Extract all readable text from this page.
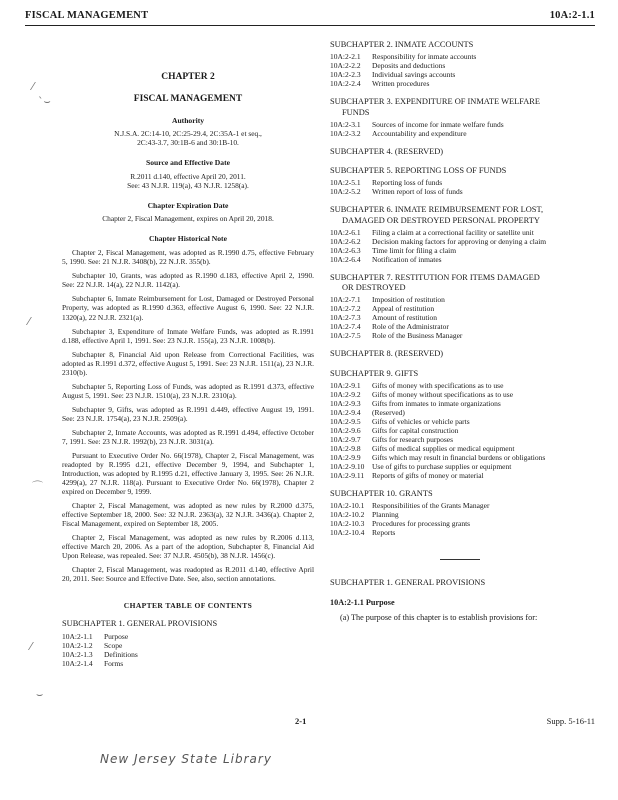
FISCAL MANAGEMENT	10A:2-1.1
CHAPTER 2
FISCAL MANAGEMENT
Authority
N.J.S.A. 2C:14-10, 2C:25-29.4, 2C:35A-1 et seq.,
2C:43-3.7, 30:1B-6 and 30:1B-10.
Source and Effective Date
R.2011 d.140, effective April 20, 2011.
See: 43 N.J.R. 119(a), 43 N.J.R. 1258(a).
Chapter Expiration Date
Chapter 2, Fiscal Management, expires on April 20, 2018.
Chapter Historical Note
Chapter 2, Fiscal Management, was adopted as R.1990 d.75, effective February 5, 1990. See: 21 N.J.R. 3408(b), 22 N.J.R. 355(b).
Subchapter 10, Grants, was adopted as R.1990 d.183, effective April 2, 1990. See: 22 N.J.R. 14(a), 22 N.J.R. 1142(a).
Subchapter 6, Inmate Reimbursement for Lost, Damaged or Destroyed Personal Property, was adopted as R.1990 d.363, effective August 6, 1990. See: 22 N.J.R. 1320(a), 22 N.J.R. 2321(a).
Subchapter 3, Expenditure of Inmate Welfare Funds, was adopted as R.1991 d.188, effective April 1, 1991. See: 23 N.J.R. 155(a), 23 N.J.R. 1008(b).
Subchapter 8, Financial Aid upon Release from Correctional Facilities, was adopted as R.1991 d.372, effective August 5, 1991. See: 23 N.J.R. 1511(a), 23 N.J.R. 2310(b).
Subchapter 5, Reporting Loss of Funds, was adopted as R.1991 d.373, effective August 5, 1991. See: 23 N.J.R. 1510(a), 23 N.J.R. 2310(a).
Subchapter 9, Gifts, was adopted as R.1991 d.449, effective August 19, 1991. See: 23 N.J.R. 1754(a), 23 N.J.R. 2509(a).
Subchapter 2, Inmate Accounts, was adopted as R.1991 d.494, effective October 7, 1991. See: 23 N.J.R. 1992(b), 23 N.J.R. 3031(a).
Pursuant to Executive Order No. 66(1978), Chapter 2, Fiscal Management, was readopted by R.1995 d.21, effective December 9, 1994, and Subchapter 1, Introduction, was adopted by R.1995 d.21, effective January 3, 1995. See: 26 N.J.R. 4299(a), 27 N.J.R. 118(a). Pursuant to Executive Order No. 66(1978), Chapter 2 expired on December 9, 1999.
Chapter 2, Fiscal Management, was adopted as new rules by R.2000 d.375, effective September 18, 2000. See: 32 N.J.R. 2363(a), 32 N.J.R. 3436(a). Chapter 2, Fiscal Management, expired on September 18, 2005.
Chapter 2, Fiscal Management, was adopted as new rules by R.2006 d.113, effective March 20, 2006. As a part of the adoption, Subchapter 8, Financial Aid Upon Release, was repealed. See: 37 N.J.R. 4505(b), 38 N.J.R. 1456(c).
Chapter 2, Fiscal Management, was readopted as R.2011 d.140, effective April 20, 2011. See: Source and Effective Date. See, also, section annotations.
CHAPTER TABLE OF CONTENTS
SUBCHAPTER 1. GENERAL PROVISIONS
10A:2-1.1	Purpose
10A:2-1.2	Scope
10A:2-1.3	Definitions
10A:2-1.4	Forms
SUBCHAPTER 2. INMATE ACCOUNTS
10A:2-2.1	Responsibility for inmate accounts
10A:2-2.2	Deposits and deductions
10A:2-2.3	Individual savings accounts
10A:2-2.4	Written procedures
SUBCHAPTER 3. EXPENDITURE OF INMATE WELFARE
FUNDS
10A:2-3.1	Sources of income for inmate welfare funds
10A:2-3.2	Accountability and expenditure
SUBCHAPTER 4. (RESERVED)
SUBCHAPTER 5. REPORTING LOSS OF FUNDS
10A:2-5.1	Reporting loss of funds
10A:2-5.2	Written report of loss of funds
SUBCHAPTER 6. INMATE REIMBURSEMENT FOR LOST,
DAMAGED OR DESTROYED PERSONAL PROPERTY
10A:2-6.1	Filing a claim at a correctional facility or satellite unit
10A:2-6.2	Decision making factors for approving or denying a claim
10A:2-6.3	Time limit for filing a claim
10A:2-6.4	Notification of inmates
SUBCHAPTER 7. RESTITUTION FOR ITEMS DAMAGED
OR DESTROYED
10A:2-7.1	Imposition of restitution
10A:2-7.2	Appeal of restitution
10A:2-7.3	Amount of restitution
10A:2-7.4	Role of the Administrator
10A:2-7.5	Role of the Business Manager
SUBCHAPTER 8. (RESERVED)
SUBCHAPTER 9. GIFTS
10A:2-9.1	Gifts of money with specifications as to use
10A:2-9.2	Gifts of money without specifications as to use
10A:2-9.3	Gifts from inmates to inmate organizations
10A:2-9.4	(Reserved)
10A:2-9.5	Gifts of vehicles or vehicle parts
10A:2-9.6	Gifts for capital construction
10A:2-9.7	Gifts for research purposes
10A:2-9.8	Gifts of medical supplies or medical equipment
10A:2-9.9	Gifts which may result in financial burdens or obligations
10A:2-9.10	Use of gifts to purchase supplies or equipment
10A:2-9.11	Reports of gifts of money or material
SUBCHAPTER 10. GRANTS
10A:2-10.1	Responsibilities of the Grants Manager
10A:2-10.2	Planning
10A:2-10.3	Procedures for processing grants
10A:2-10.4	Reports
SUBCHAPTER 1. GENERAL PROVISIONS
10A:2-1.1 Purpose
(a) The purpose of this chapter is to establish provisions for:
2-1	Supp. 5-16-11
New Jersey State Library
⁄
ˋ⌣
⁄
⌒
⁄
⌣
